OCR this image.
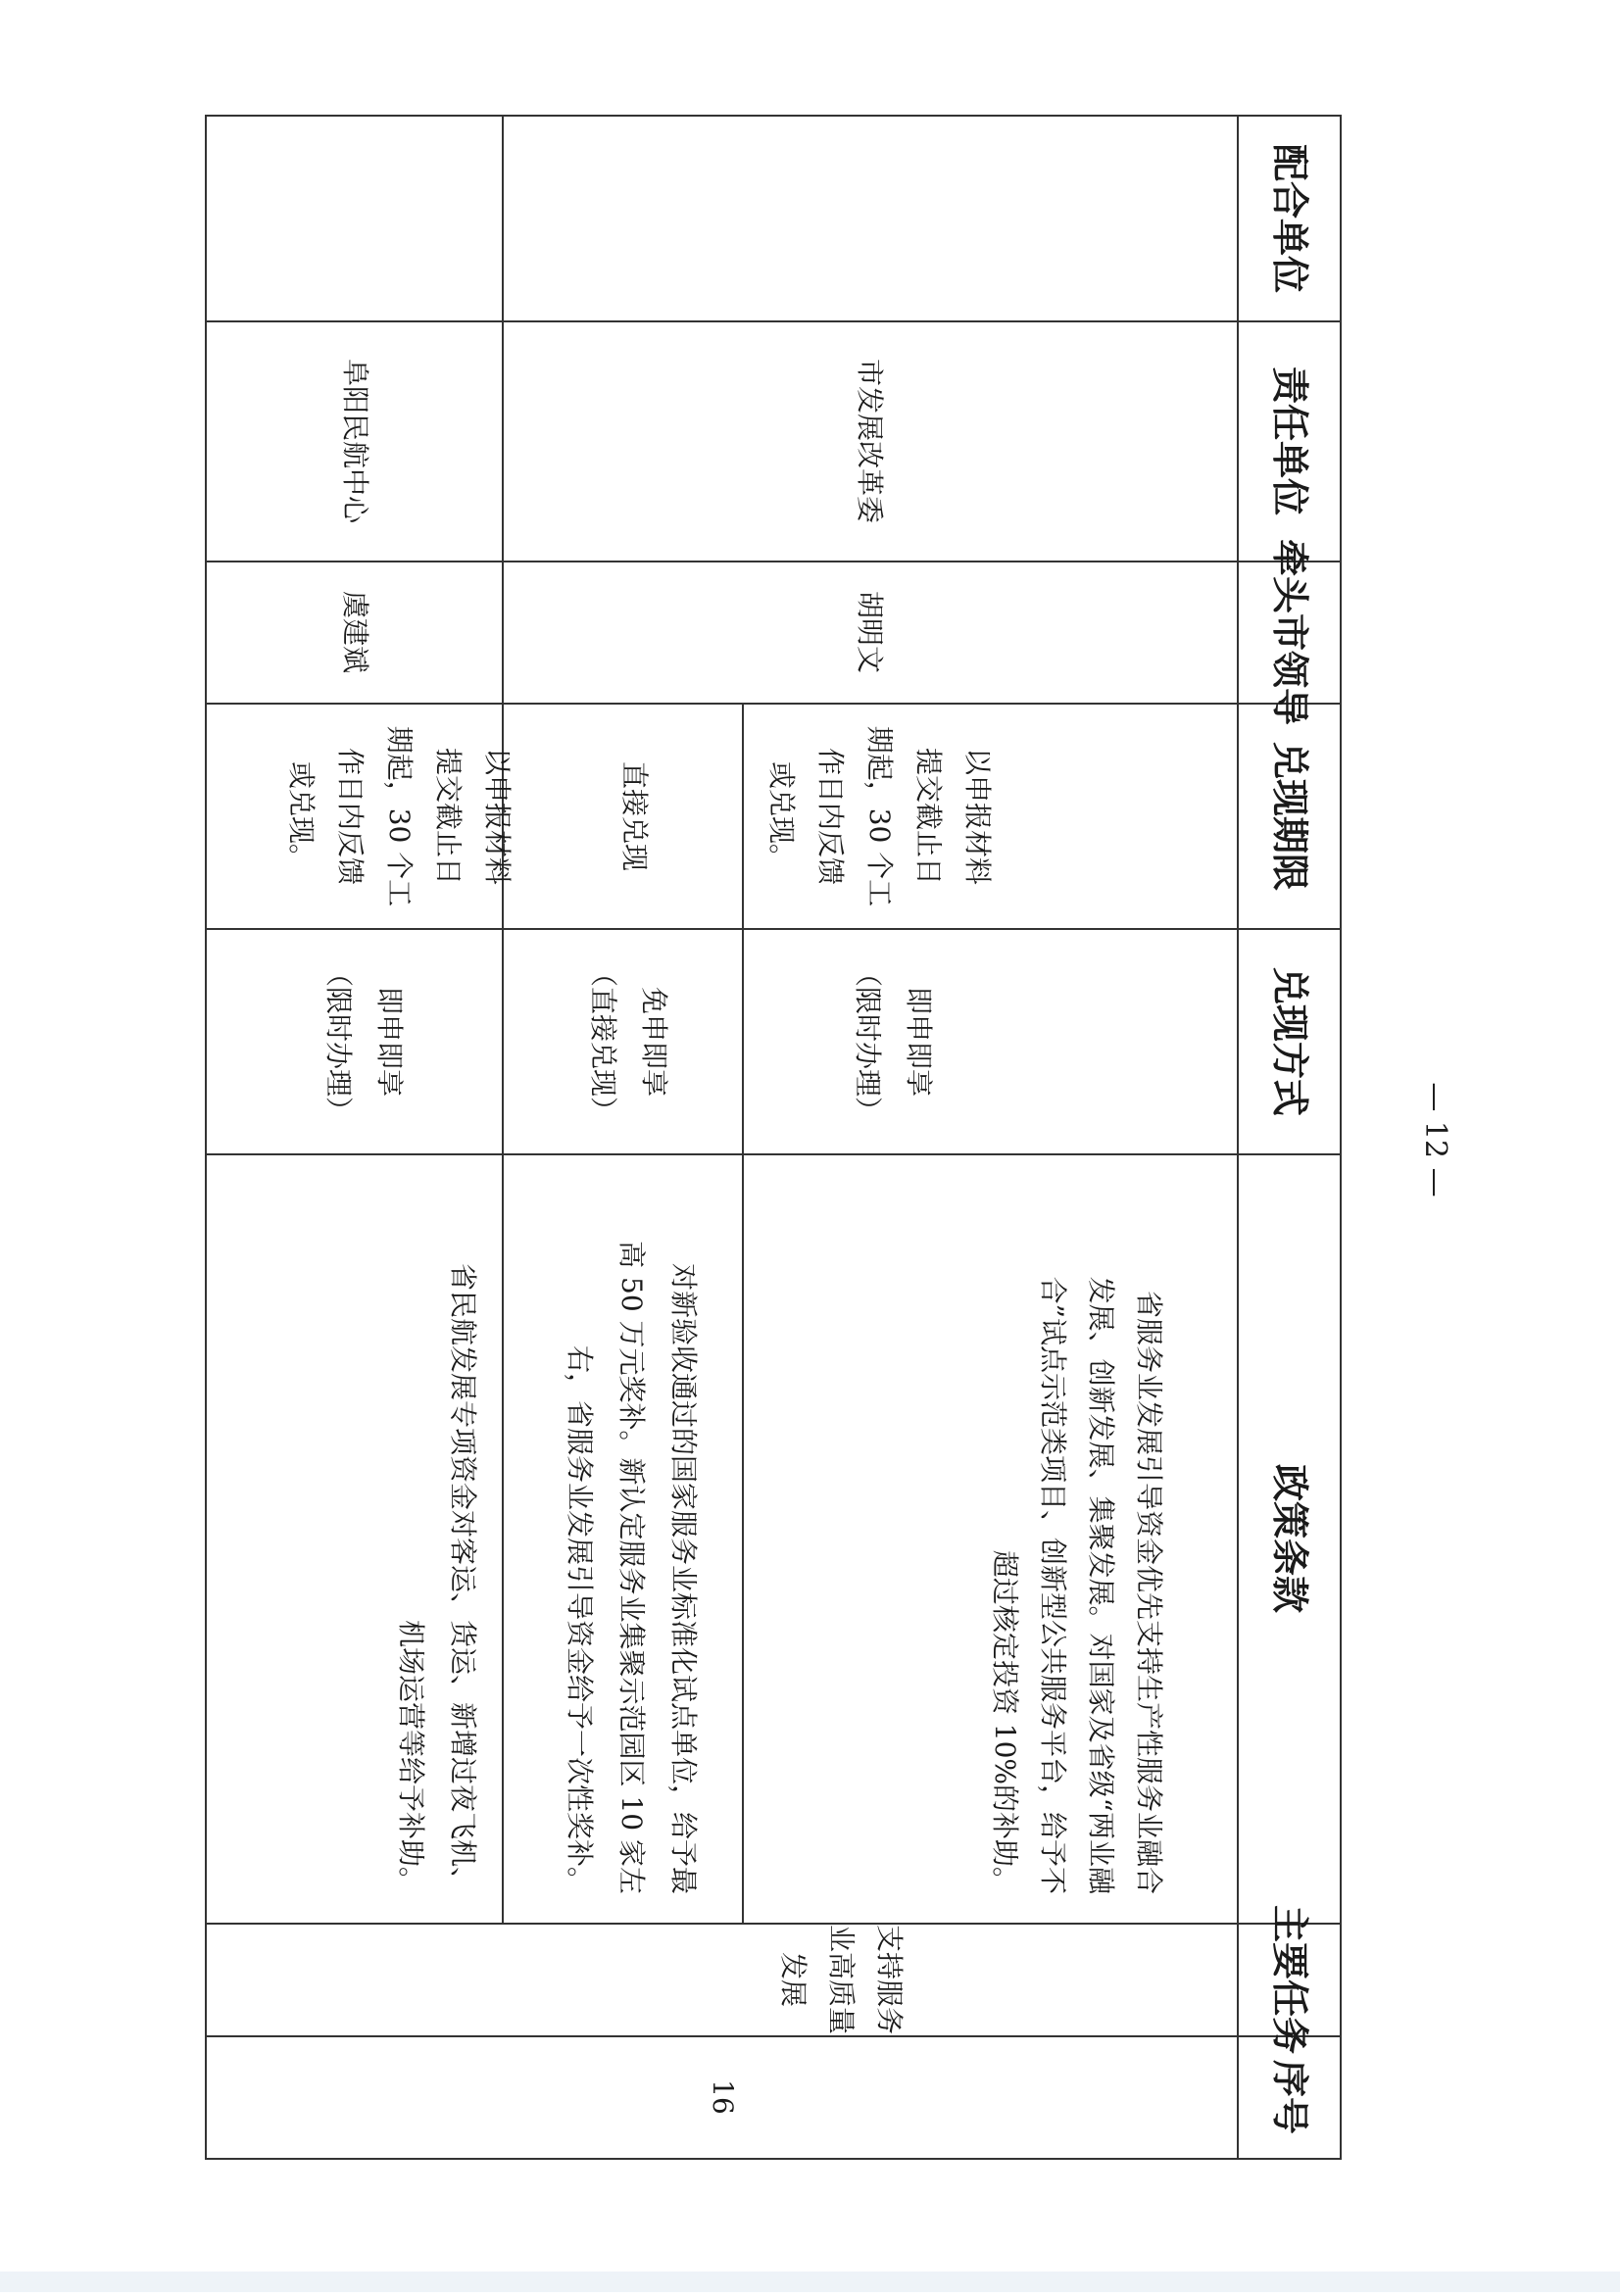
配合单位
责任单位
牵头市领导
兑现期限
兑现方式
政策条款
主要任务
序号
16
支持服务业高质量发展
省服务业发展引导资金优先支持生产性服务业融合发展、创新发展、集聚发展。对国家及省级“两业融合”试点示范类项目、创新型公共服务平台，给予不超过核定投资 10%的补助。
对新验收通过的国家服务业标准化试点单位，给予最高 50 万元奖补。新认定服务业集聚示范园区 10 家左右，省服务业发展引导资金给予一次性奖补。
省民航发展专项资金对客运、货运、新增过夜飞机、机场运营等给予补助。
即申即享（限时办理）
免申即享（直接兑现）
即申即享（限时办理）
以申报材料提交截止日期起，30 个工作日内反馈或兑现。
直接兑现
以申报材料提交截止日期起，30 个工作日内反馈或兑现。
胡明文
虞建斌
市发展改革委
阜阳民航中心
— 12 —
